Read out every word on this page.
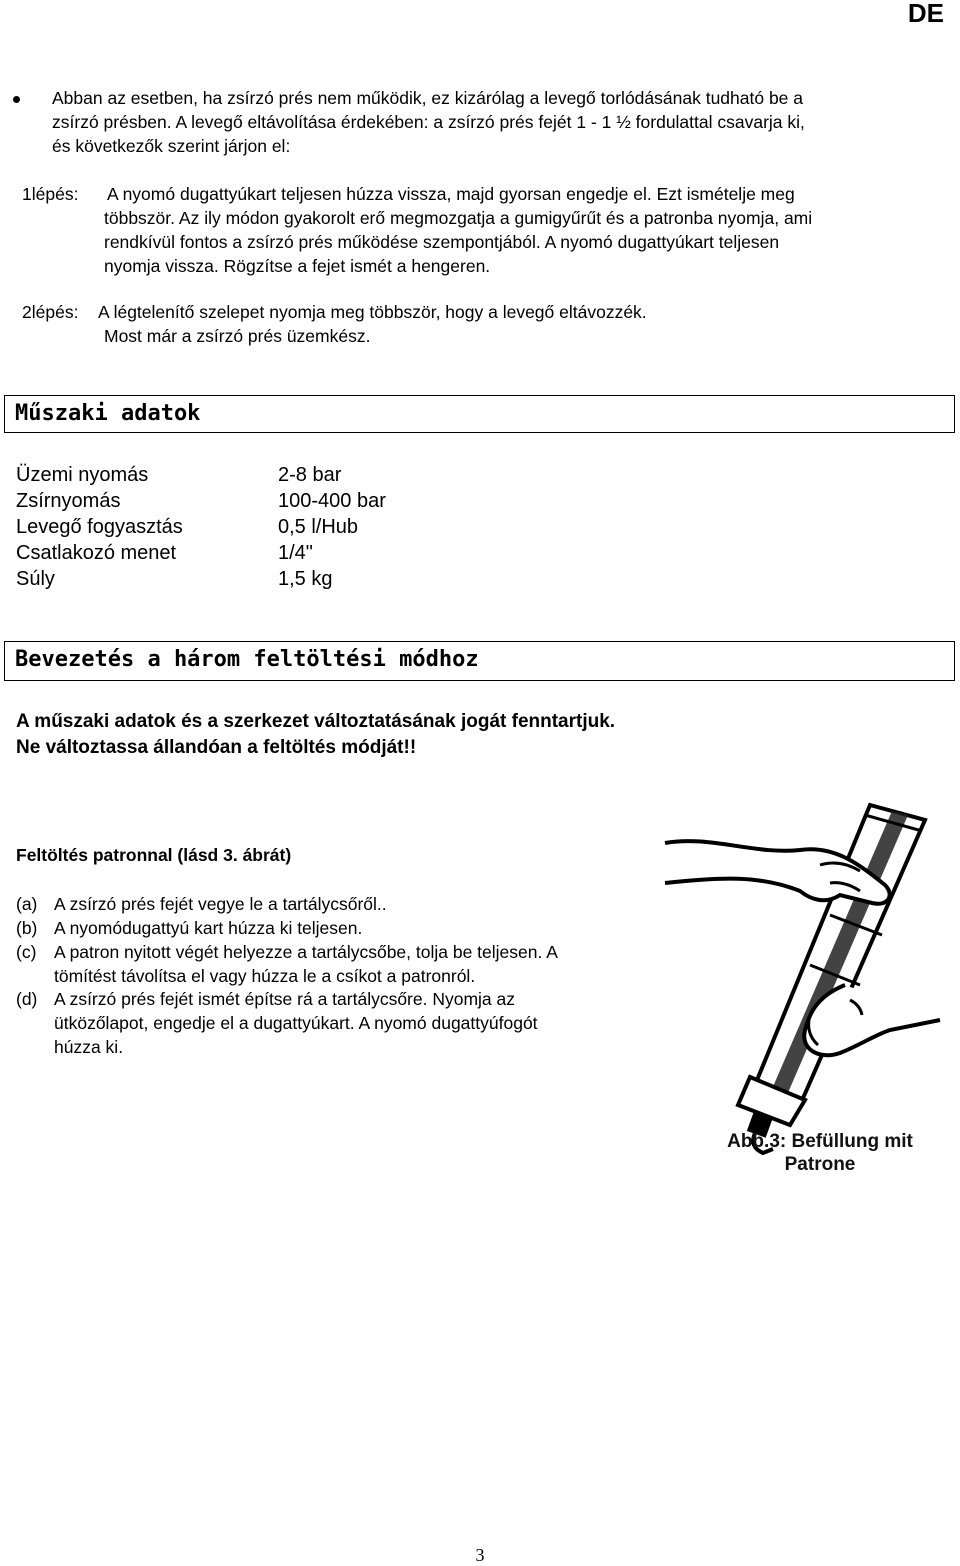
DE
Abban az esetben, ha zsírzó prés nem működik, ez kizárólag a levegő torlódásának tudható be a
zsírzó présben. A levegő eltávolítása érdekében: a zsírzó prés fejét 1 - 1 ½ fordulattal csavarja ki,
és következők szerint járjon el:
1lépés: A nyomó dugattyúkart teljesen húzza vissza, majd gyorsan engedje el. Ezt ismételje meg
többször. Az ily módon gyakorolt erő megmozgatja a gumigyűrűt és a patronba nyomja, ami
rendkívül fontos a zsírzó prés működése szempontjából. A nyomó dugattyúkart teljesen
nyomja vissza. Rögzítse a fejet ismét a hengeren.
2lépés: A légtelenítő szelepet nyomja meg többször, hogy a levegő eltávozzék.
Most már a zsírzó prés üzemkész.
Műszaki adatok
Üzemi nyomás	2-8 bar
Zsírnyomás	100-400 bar
Levegő fogyasztás	0,5 l/Hub
Csatlakozó menet	1/4"
Súly	1,5 kg
Bevezetés a három feltöltési módhoz
A műszaki adatok és a szerkezet változtatásának jogát fenntartjuk.
Ne változtassa állandóan a feltöltés módját!!
Feltöltés patronnal (lásd 3. ábrát)
(a) A zsírzó prés fejét vegye le a tartálycsőről..
(b) A nyomódugattyú kart húzza ki teljesen.
(c) A patron nyitott végét helyezze a tartálycsőbe, tolja be teljesen. A
tömítést távolítsa el vagy húzza le a csíkot a patronról.
(d) A zsírzó prés fejét ismét építse rá a tartálycsőre. Nyomja az
ütközőlapot, engedje el a dugattyúkart. A nyomó dugattyúfogót
húzza ki.
Abb.3: Befüllung mit
Patrone
3
